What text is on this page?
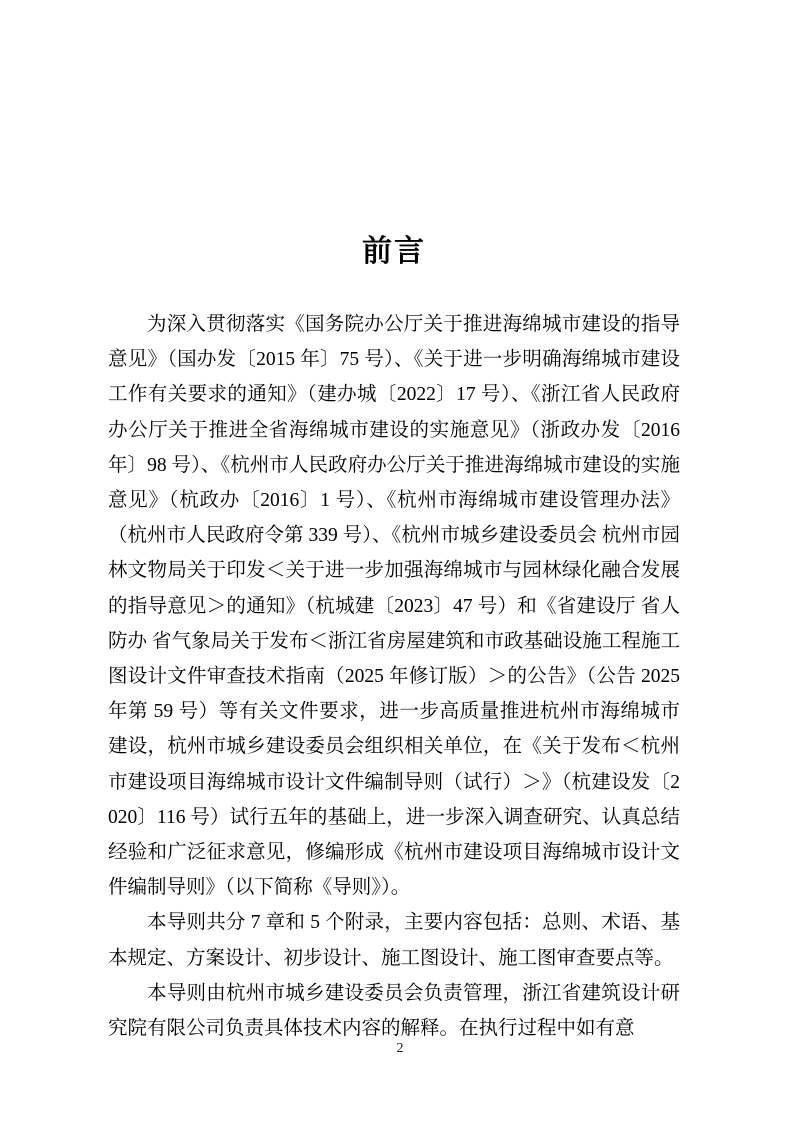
前言

为深入贯彻落实《国务院办公厅关于推进海绵城市建设的指导意见》（国办发〔2015 年〕75 号）、《关于进一步明确海绵城市建设工作有关要求的通知》（建办城〔2022〕17 号）、《浙江省人民政府办公厅关于推进全省海绵城市建设的实施意见》（浙政办发〔2016 年〕98 号）、《杭州市人民政府办公厅关于推进海绵城市建设的实施意见》（杭政办〔2016〕1 号）、《杭州市海绵城市建设管理办法》（杭州市人民政府令第 339 号）、《杭州市城乡建设委员会 杭州市园林文物局关于印发＜关于进一步加强海绵城市与园林绿化融合发展的指导意见＞的通知》（杭城建〔2023〕47 号）和《省建设厅 省人防办 省气象局关于发布＜浙江省房屋建筑和市政基础设施工程施工图设计文件审查技术指南（2025 年修订版）＞的公告》（公告 2025 年第 59 号）等有关文件要求，进一步高质量推进杭州市海绵城市建设，杭州市城乡建设委员会组织相关单位，在《关于发布＜杭州市建设项目海绵城市设计文件编制导则（试行）＞》（杭建设发〔2020〕116 号）试行五年的基础上，进一步深入调查研究、认真总结经验和广泛征求意见，修编形成《杭州市建设项目海绵城市设计文件编制导则》（以下简称《导则》）。

本导则共分 7 章和 5 个附录，主要内容包括：总则、术语、基本规定、方案设计、初步设计、施工图设计、施工图审查要点等。

本导则由杭州市城乡建设委员会负责管理，浙江省建筑设计研究院有限公司负责具体技术内容的解释。在执行过程中如有意

2
